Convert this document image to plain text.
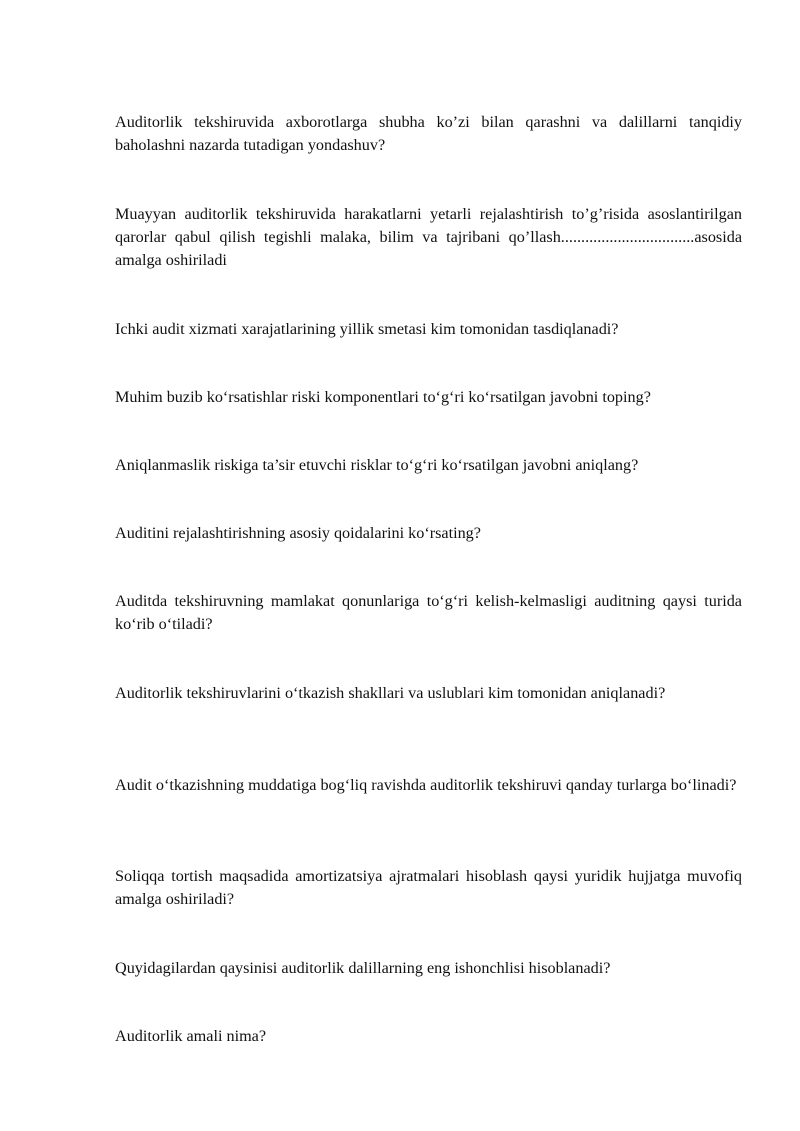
Auditorlik tekshiruvida axborotlarga shubha ko’zi bilan qarashni va dalillarni tanqidiy baholashni nazarda tutadigan yondashuv?

Muayyan auditorlik tekshiruvida harakatlarni yetarli rejalashtirish to’g’risida asoslantirilgan qarorlar qabul qilish tegishli malaka, bilim va tajribani qo’llash.................................asosida amalga oshiriladi

Ichki audit xizmati xarajatlarining yillik smetasi kim tomonidan tasdiqlanadi?

Muhim buzib ko‘rsatishlar riski komponentlari to‘g‘ri ko‘rsatilgan javobni toping?

Aniqlanmaslik riskiga ta’sir etuvchi risklar to‘g‘ri ko‘rsatilgan javobni aniqlang?

Auditini rejalashtirishning asosiy qoidalarini ko‘rsating?

Auditda tekshiruvning mamlakat qonunlariga to‘g‘ri kelish-kelmasligi auditning qaysi turida ko‘rib o‘tiladi?

Auditorlik tekshiruvlarini o‘tkazish shakllari va uslublari kim tomonidan aniqlanadi?

Audit o‘tkazishning muddatiga bog‘liq ravishda auditorlik tekshiruvi qanday turlarga bo‘linadi?

Soliqqa tortish maqsadida amortizatsiya ajratmalari hisoblash qaysi yuridik hujjatga muvofiq amalga oshiriladi?

Quyidagilardan qaysinisi auditorlik dalillarning eng ishonchlisi hisoblanadi?

Auditorlik amali nima?
